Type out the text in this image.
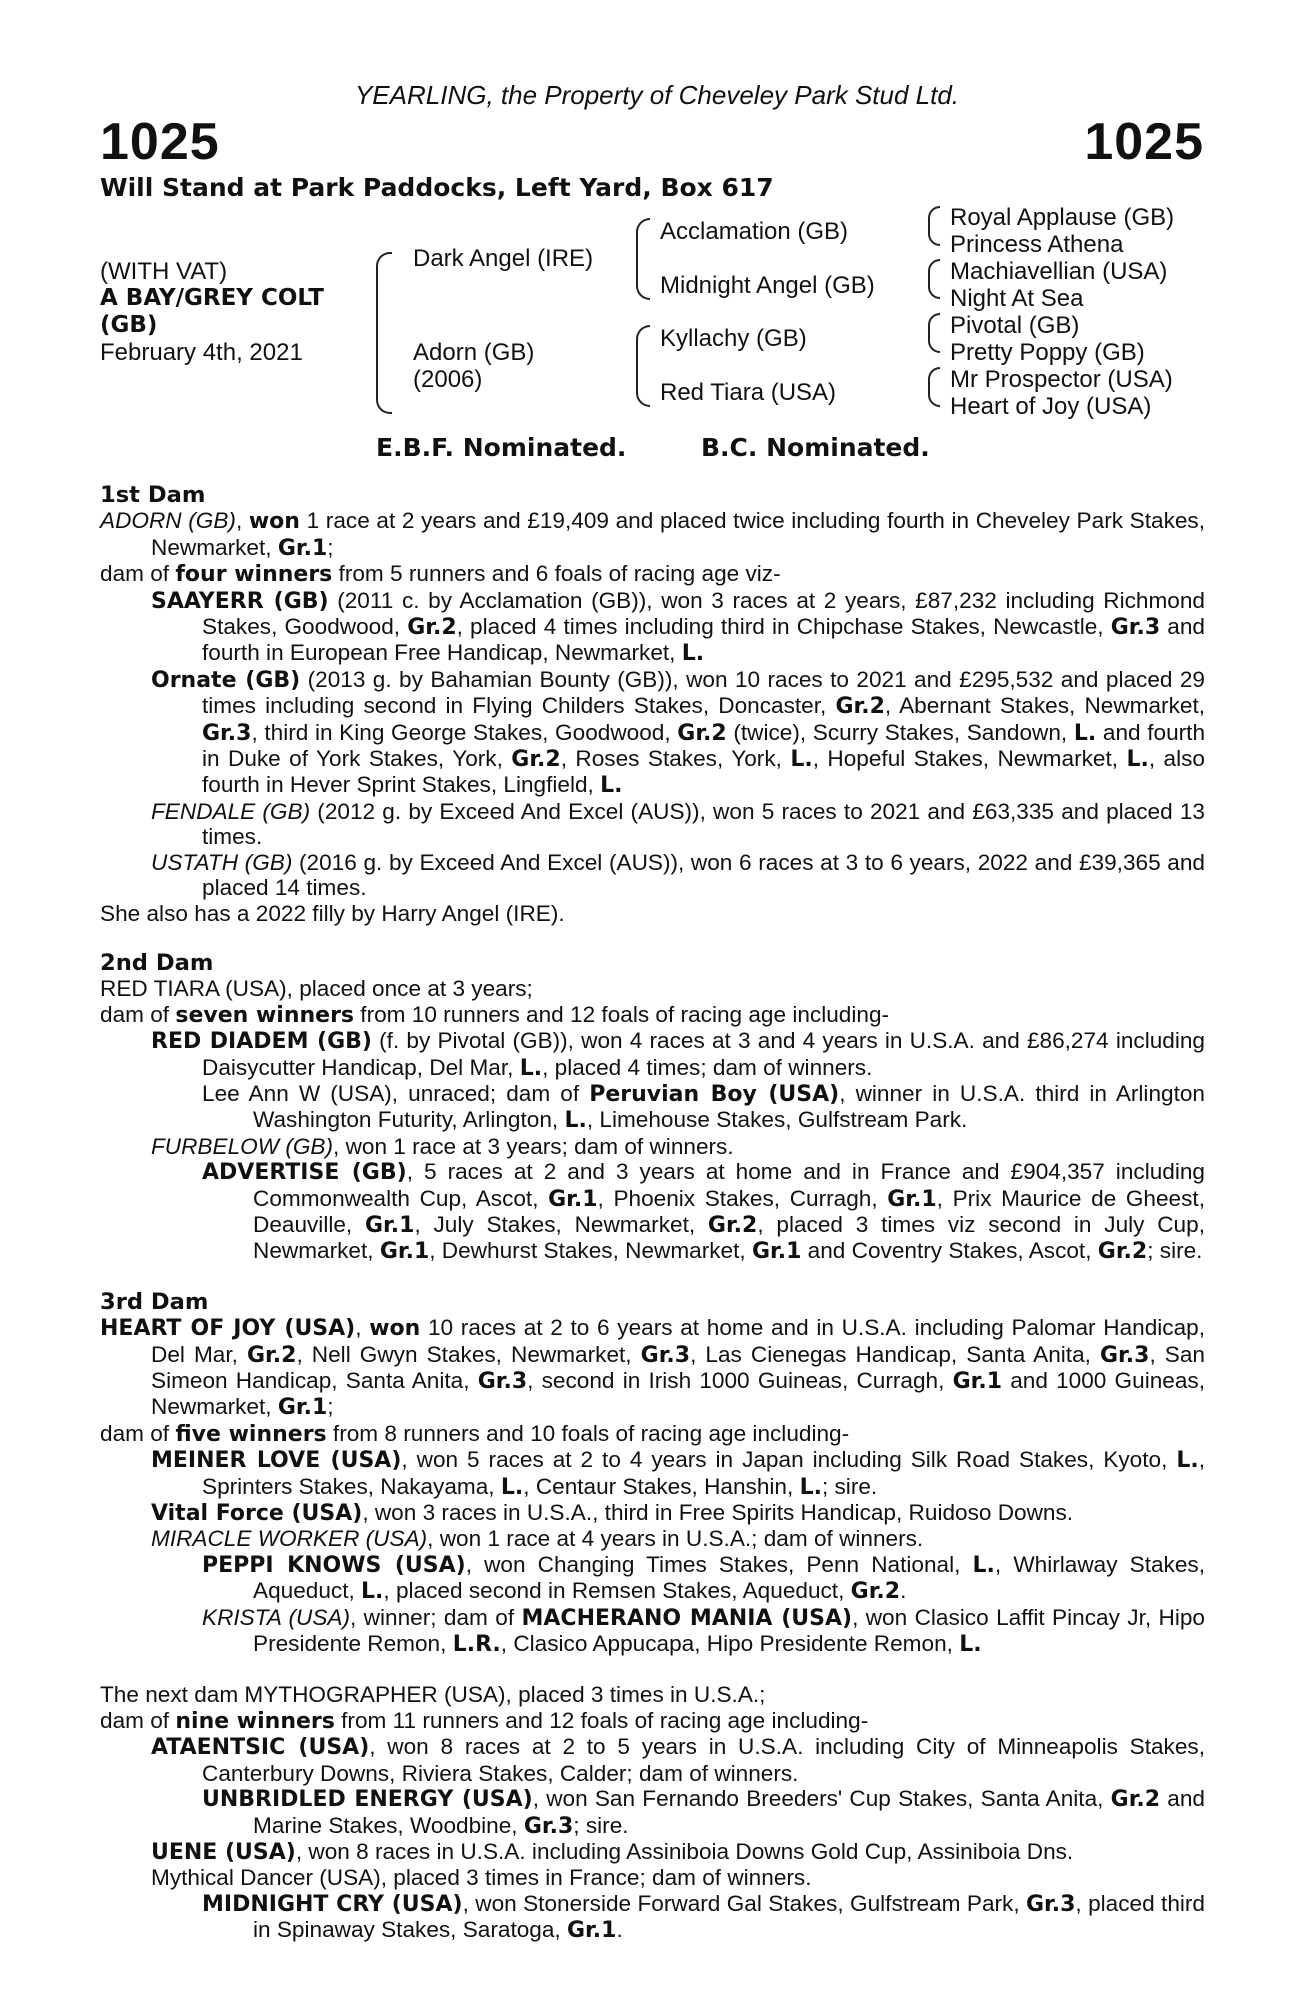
YEARLING, the Property of Cheveley Park Stud Ltd.
1025	1025
Will Stand at Park Paddocks, Left Yard, Box 617
(WITH VAT)
A BAY/GREY COLT
(GB)
February 4th, 2021
Dark Angel (IRE)
Adorn (GB)
(2006)
Acclamation (GB)
Midnight Angel (GB)
Kyllachy (GB)
Red Tiara (USA)
Royal Applause (GB)
Princess Athena
Machiavellian (USA)
Night At Sea
Pivotal (GB)
Pretty Poppy (GB)
Mr Prospector (USA)
Heart of Joy (USA)
E.B.F. Nominated.	B.C. Nominated.

1st Dam

ADORN (GB), won 1 race at 2 years and £19,409 and placed twice including fourth in Cheveley Park Stakes, Newmarket, Gr.1;

dam of four winners from 5 runners and 6 foals of racing age viz-

SAAYERR (GB) (2011 c. by Acclamation (GB)), won 3 races at 2 years, £87,232 including Richmond Stakes, Goodwood, Gr.2, placed 4 times including third in Chipchase Stakes, Newcastle, Gr.3 and fourth in European Free Handicap, Newmarket, L.

Ornate (GB) (2013 g. by Bahamian Bounty (GB)), won 10 races to 2021 and £295,532 and placed 29 times including second in Flying Childers Stakes, Doncaster, Gr.2, Abernant Stakes, Newmarket, Gr.3, third in King George Stakes, Goodwood, Gr.2 (twice), Scurry Stakes, Sandown, L. and fourth in Duke of York Stakes, York, Gr.2, Roses Stakes, York, L., Hopeful Stakes, Newmarket, L., also fourth in Hever Sprint Stakes, Lingfield, L.

FENDALE (GB) (2012 g. by Exceed And Excel (AUS)), won 5 races to 2021 and £63,335 and placed 13 times.

USTATH (GB) (2016 g. by Exceed And Excel (AUS)), won 6 races at 3 to 6 years, 2022 and £39,365 and placed 14 times.

She also has a 2022 filly by Harry Angel (IRE).

2nd Dam

RED TIARA (USA), placed once at 3 years;

dam of seven winners from 10 runners and 12 foals of racing age including-

RED DIADEM (GB) (f. by Pivotal (GB)), won 4 races at 3 and 4 years in U.S.A. and £86,274 including Daisycutter Handicap, Del Mar, L., placed 4 times; dam of winners.

Lee Ann W (USA), unraced; dam of Peruvian Boy (USA), winner in U.S.A. third in Arlington Washington Futurity, Arlington, L., Limehouse Stakes, Gulfstream Park.

FURBELOW (GB), won 1 race at 3 years; dam of winners.

ADVERTISE (GB), 5 races at 2 and 3 years at home and in France and £904,357 including Commonwealth Cup, Ascot, Gr.1, Phoenix Stakes, Curragh, Gr.1, Prix Maurice de Gheest, Deauville, Gr.1, July Stakes, Newmarket, Gr.2, placed 3 times viz second in July Cup, Newmarket, Gr.1, Dewhurst Stakes, Newmarket, Gr.1 and Coventry Stakes, Ascot, Gr.2; sire.

3rd Dam

HEART OF JOY (USA), won 10 races at 2 to 6 years at home and in U.S.A. including Palomar Handicap, Del Mar, Gr.2, Nell Gwyn Stakes, Newmarket, Gr.3, Las Cienegas Handicap, Santa Anita, Gr.3, San Simeon Handicap, Santa Anita, Gr.3, second in Irish 1000 Guineas, Curragh, Gr.1 and 1000 Guineas, Newmarket, Gr.1;

dam of five winners from 8 runners and 10 foals of racing age including-

MEINER LOVE (USA), won 5 races at 2 to 4 years in Japan including Silk Road Stakes, Kyoto, L., Sprinters Stakes, Nakayama, L., Centaur Stakes, Hanshin, L.; sire.

Vital Force (USA), won 3 races in U.S.A., third in Free Spirits Handicap, Ruidoso Downs.

MIRACLE WORKER (USA), won 1 race at 4 years in U.S.A.; dam of winners.

PEPPI KNOWS (USA), won Changing Times Stakes, Penn National, L., Whirlaway Stakes, Aqueduct, L., placed second in Remsen Stakes, Aqueduct, Gr.2.

KRISTA (USA), winner; dam of MACHERANO MANIA (USA), won Clasico Laffit Pincay Jr, Hipo Presidente Remon, L.R., Clasico Appucapa, Hipo Presidente Remon, L.

The next dam MYTHOGRAPHER (USA), placed 3 times in U.S.A.;

dam of nine winners from 11 runners and 12 foals of racing age including-

ATAENTSIC (USA), won 8 races at 2 to 5 years in U.S.A. including City of Minneapolis Stakes, Canterbury Downs, Riviera Stakes, Calder; dam of winners.

UNBRIDLED ENERGY (USA), won San Fernando Breeders' Cup Stakes, Santa Anita, Gr.2 and Marine Stakes, Woodbine, Gr.3; sire.

UENE (USA), won 8 races in U.S.A. including Assiniboia Downs Gold Cup, Assiniboia Dns.

Mythical Dancer (USA), placed 3 times in France; dam of winners.

MIDNIGHT CRY (USA), won Stonerside Forward Gal Stakes, Gulfstream Park, Gr.3, placed third in Spinaway Stakes, Saratoga, Gr.1.
